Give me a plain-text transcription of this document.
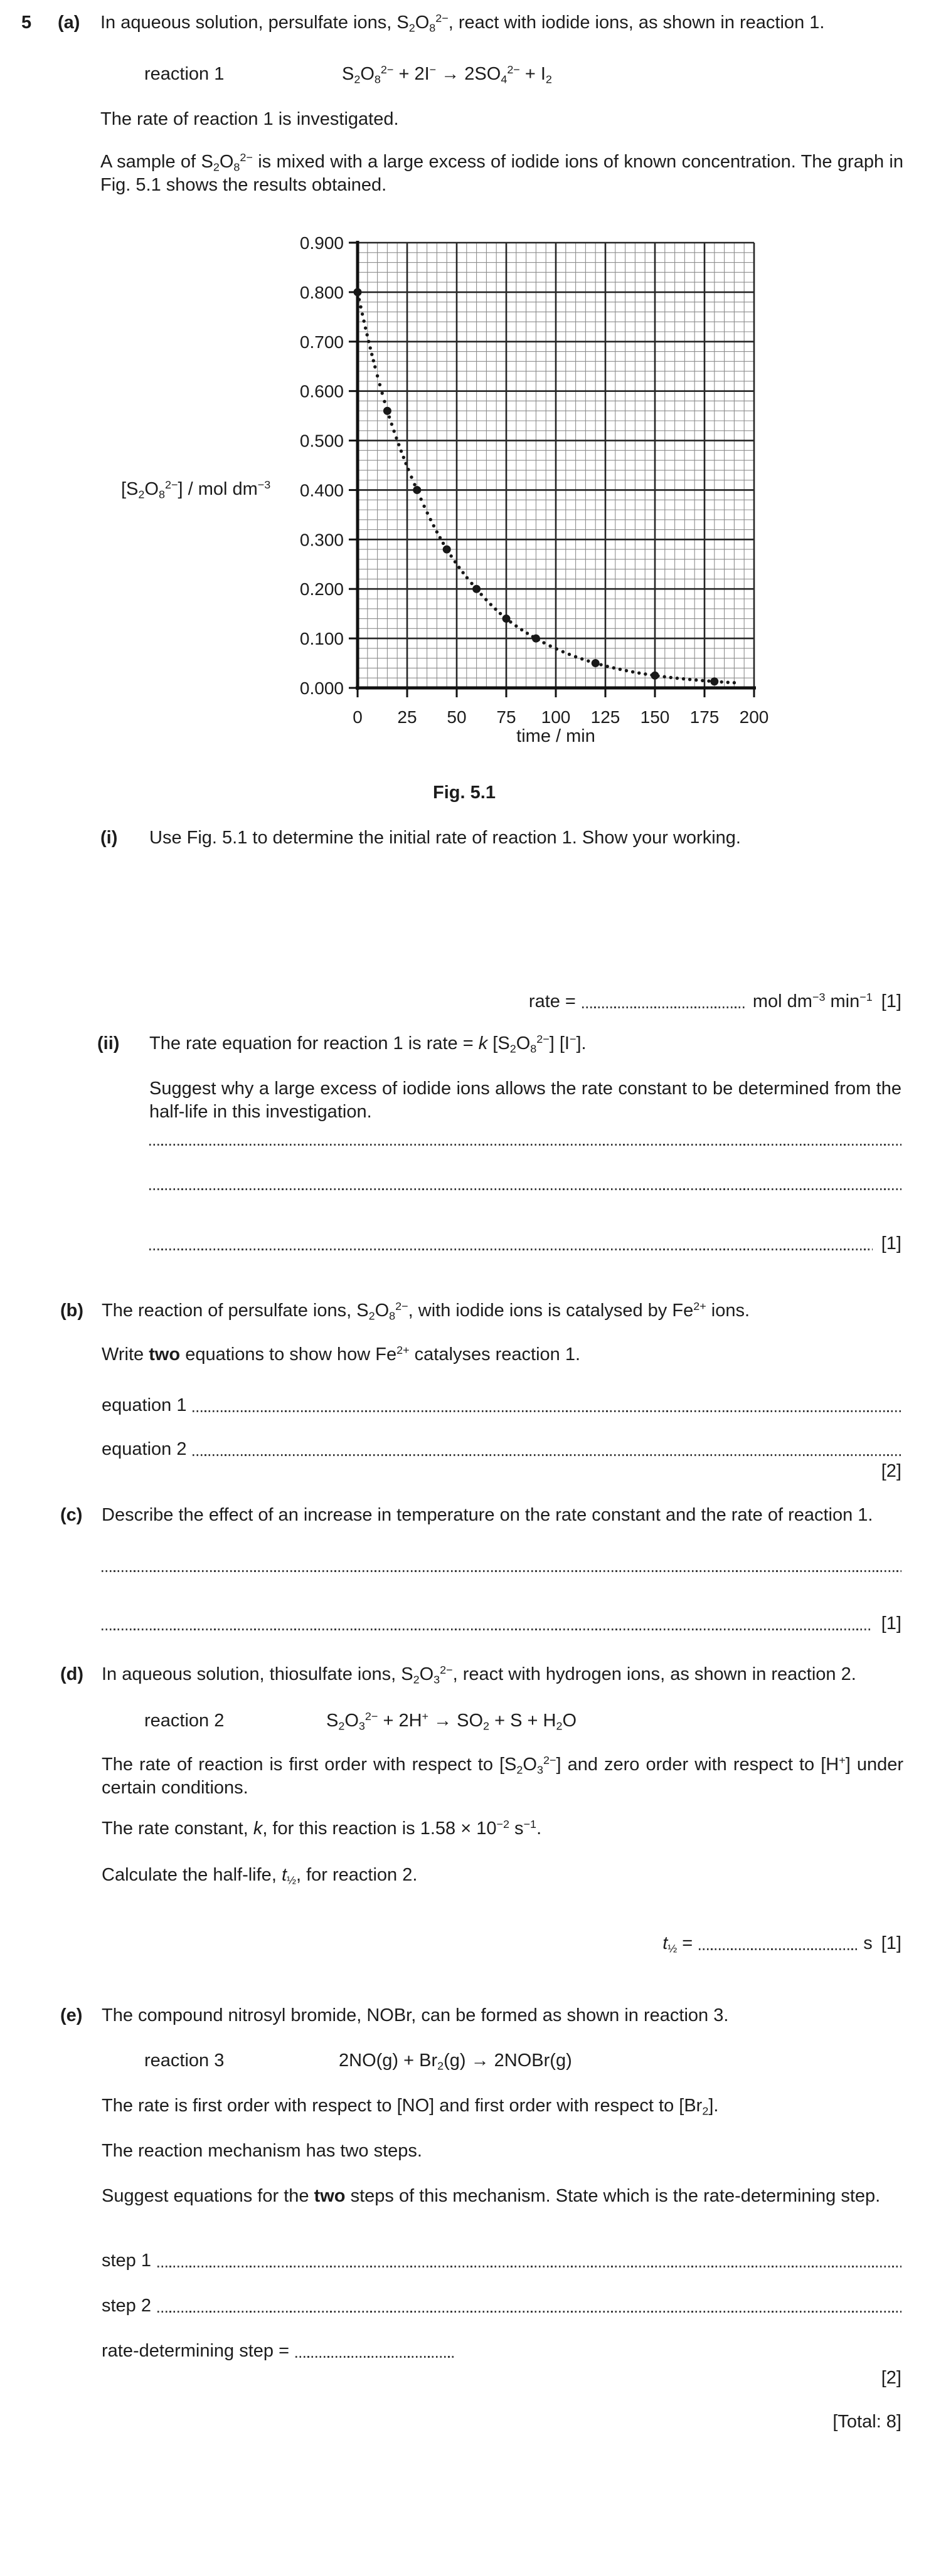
5 (a) In aqueous solution, persulfate ions, $S_2O_8^{2-}$, react with iodide ions, as shown in reaction 1.
reaction 1	$S_2O_8^{2-} + 2I^- \to 2SO_4^{2-} + I_2$
The rate of reaction 1 is investigated.
A sample of $S_2O_8^{2-}$ is mixed with a large excess of iodide ions of known concentration. The graph in Fig. 5.1 shows the results obtained.
0.000
0.100
0.200
0.300
0.400
0.500
0.600
0.700
0.800
0.900
0 25 50 75 100 125 150 175 200
$[S_2O_8^{2-}]$ / mol $dm^{-3}$
time / min
Fig. 5.1
(i) Use Fig. 5.1 to determine the initial rate of reaction 1. Show your working.
rate =	mol $dm^{-3}$ $\min^{-1} [1]$
(ii) The rate equation for reaction 1 is rate = k $[S_2O_8^{2-}]$ [I−].
Suggest why a large excess of iodide ions allows the rate constant to be determined from the half-life in this investigation.
[1]
(b) The reaction of persulfate ions, $S_2O_8^{2-}$, with iodide ions is catalysed by $Fe^{2+}$ ions.
Write two equations to show how $Fe^{2+}$ catalyses reaction 1.
equation 1
equation 2
[2]
(c) Describe the effect of an increase in temperature on the rate constant and the rate of reaction 1.
[1]
(d) In aqueous solution, thiosulfate ions, $S_2O_3^{2-}$, react with hydrogen ions, as shown in reaction 2.
reaction 2	$S_2O_3^{2-} + 2H^+ \to SO_2 + S + H_2O$
The rate of reaction is first order with respect to $[S_2O_3^{2-}]$ and zero order with respect to [H+] under certain conditions.
The rate constant, k, for this reaction is $1.58 \times 10^{-2}$ $s^{-1}$.
Calculate the half-life, $t_{\frac{1}{2}}$, for reaction 2.
$t_{\frac{1}{2}}$ =	s [1]
(e) The compound nitrosyl bromide, NOBr, can be formed as shown in reaction 3.
reaction 3	$2NO(g) + Br_2(g)$ → 2NOBr(g)
The rate is first order with respect to [NO] and first order with respect to $[Br_2]$.
The reaction mechanism has two steps.
Suggest equations for the two steps of this mechanism. State which is the rate-determining step.
step 1
step 2
rate-determining step =
[2]
[Total: 8]
